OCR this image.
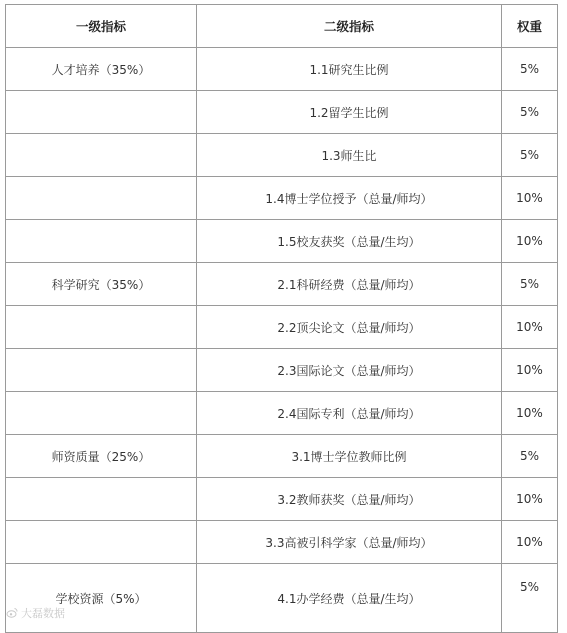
一级指标	二级指标	权重
人才培养（35%）	1.1研究生比例	5%
	1.2留学生比例	5%
	1.3师生比	5%
	1.4博士学位授予（总量/师均）	10%
	1.5校友获奖（总量/生均）	10%
科学研究（35%）	2.1科研经费（总量/师均）	5%
	2.2顶尖论文（总量/师均）	10%
	2.3国际论文（总量/师均）	10%
	2.4国际专利（总量/师均）	10%
师资质量（25%）	3.1博士学位教师比例	5%
	3.2教师获奖（总量/师均）	10%
	3.3高被引科学家（总量/师均）	10%
学校资源（5%）	4.1办学经费（总量/生均）	5%
大磊数据
